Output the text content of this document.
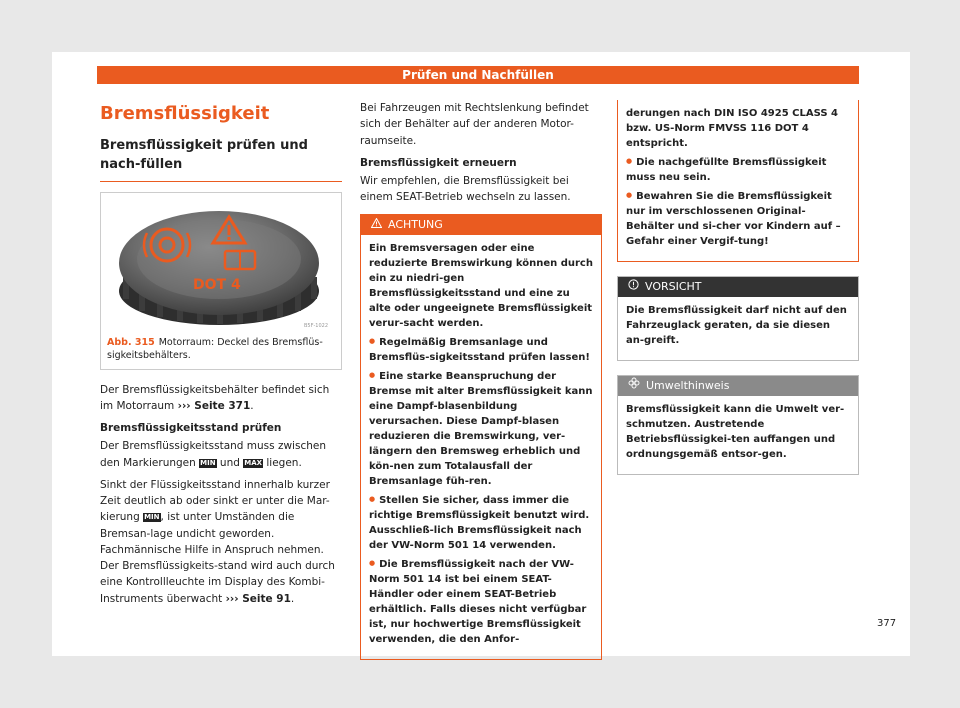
Prüfen und Nachfüllen
Bremsflüssigkeit
Bremsflüssigkeit prüfen und nach-füllen
DOT 4
B5F-1022
Abb. 315 Motorraum: Deckel des Bremsflüs-sigkeitsbehälters.

Der Bremsflüssigkeitsbehälter befindet sich im Motorraum ››› Seite 371.

Bremsflüssigkeitsstand prüfen

Der Bremsflüssigkeitsstand muss zwischen den Markierungen MIN und MAX liegen.

Sinkt der Flüssigkeitsstand innerhalb kurzer Zeit deutlich ab oder sinkt er unter die Mar-kierung MIN, ist unter Umständen die Bremsan-lage undicht geworden. Fachmännische Hilfe in Anspruch nehmen. Der Bremsflüssigkeits-stand wird auch durch eine Kontrollleuchte im Display des Kombi-Instruments überwacht ››› Seite 91.

Bei Fahrzeugen mit Rechtslenkung befindet sich der Behälter auf der anderen Motor-raumseite.

Bremsflüssigkeit erneuern

Wir empfehlen, die Bremsflüssigkeit bei einem SEAT-Betrieb wechseln zu lassen.

ACHTUNG

Ein Bremsversagen oder eine reduzierte Bremswirkung können durch ein zu niedri-gen Bremsflüssigkeitsstand und eine zu alte oder ungeeignete Bremsflüssigkeit verur-sacht werden.

● Regelmäßig Bremsanlage und Bremsflüs-sigkeitsstand prüfen lassen!

● Eine starke Beanspruchung der Bremse mit alter Bremsflüssigkeit kann eine Dampf-blasenbildung verursachen. Diese Dampf-blasen reduzieren die Bremswirkung, ver-längern den Bremsweg erheblich und kön-nen zum Totalausfall der Bremsanlage füh-ren.

● Stellen Sie sicher, dass immer die richtige Bremsflüssigkeit benutzt wird. Ausschließ-lich Bremsflüssigkeit nach der VW-Norm 501 14 verwenden.

● Die Bremsflüssigkeit nach der VW-Norm 501 14 ist bei einem SEAT-Händler oder einem SEAT-Betrieb erhältlich. Falls dieses nicht verfügbar ist, nur hochwertige Bremsflüssigkeit verwenden, die den Anfor-

derungen nach DIN ISO 4925 CLASS 4 bzw. US-Norm FMVSS 116 DOT 4 entspricht.

● Die nachgefüllte Bremsflüssigkeit muss neu sein.

● Bewahren Sie die Bremsflüssigkeit nur im verschlossenen Original-Behälter und si-cher vor Kindern auf – Gefahr einer Vergif-tung!

VORSICHT

Die Bremsflüssigkeit darf nicht auf den Fahrzeuglack geraten, da sie diesen an-greift.

Umwelthinweis

Bremsflüssigkeit kann die Umwelt ver-schmutzen. Austretende Betriebsflüssigkei-ten auffangen und ordnungsgemäß entsor-gen.

377
